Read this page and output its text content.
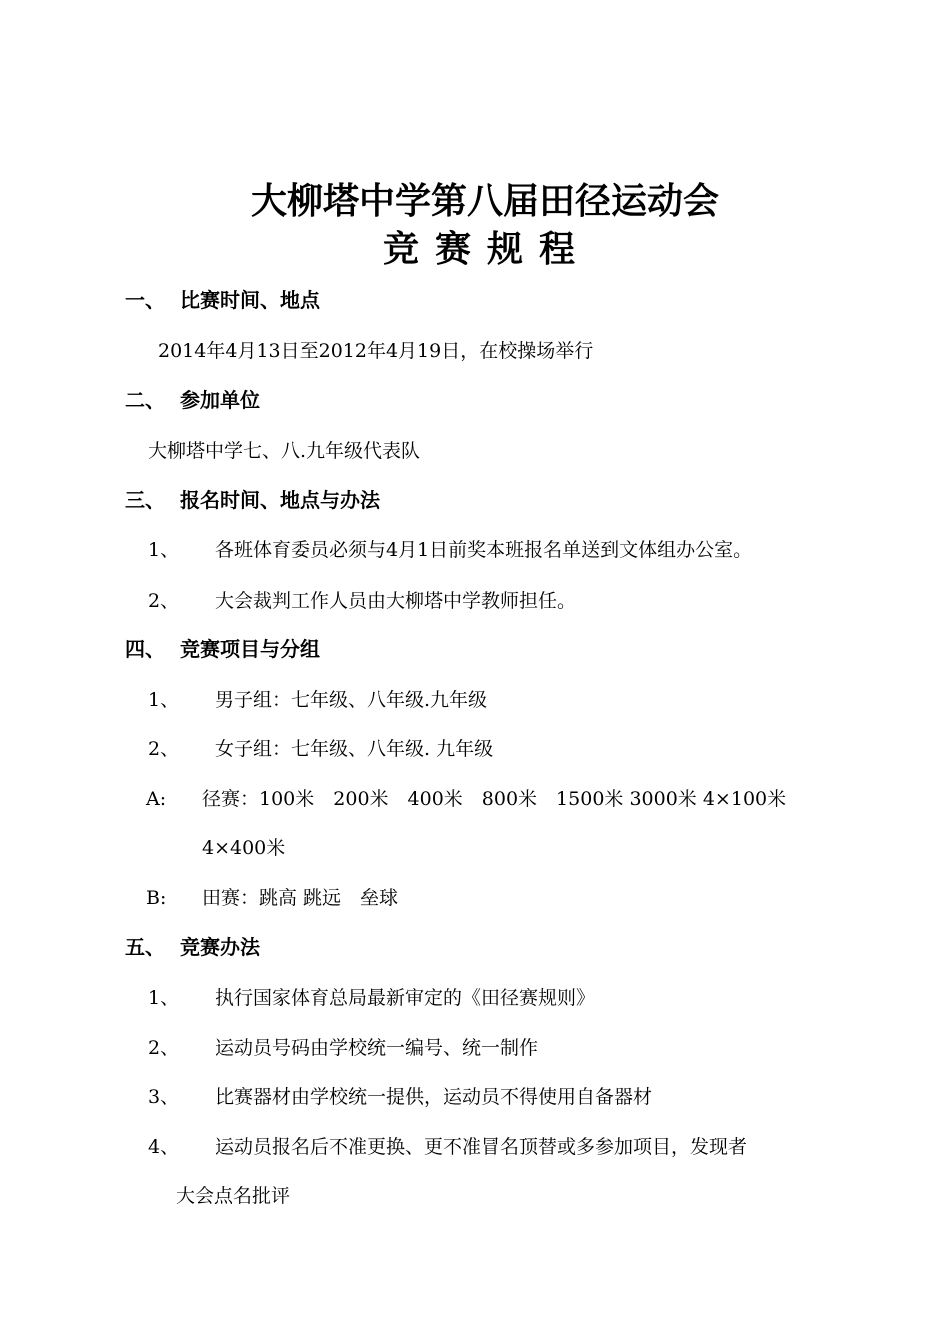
大柳塔中学第八届田径运动会
竞赛规程
一、 比赛时间、地点
2014年4月13日至2012年4月19日，在校操场举行
二、 参加单位
大柳塔中学七、八.九年级代表队
三、 报名时间、地点与办法
1、 各班体育委员必须与4月1日前奖本班报名单送到文体组办公室。
2、 大会裁判工作人员由大柳塔中学教师担任。
四、 竞赛项目与分组
1、 男子组：七年级、八年级.九年级
2、 女子组：七年级、八年级. 九年级
A: 径赛：100米　200米　400米　800米　1500米 3000米 4×100米
4×400米
B: 田赛：跳高 跳远　垒球
五、 竞赛办法
1、 执行国家体育总局最新审定的《田径赛规则》
2、 运动员号码由学校统一编号、统一制作
3、 比赛器材由学校统一提供，运动员不得使用自备器材
4、 运动员报名后不准更换、更不准冒名顶替或多参加项目，发现者
大会点名批评
